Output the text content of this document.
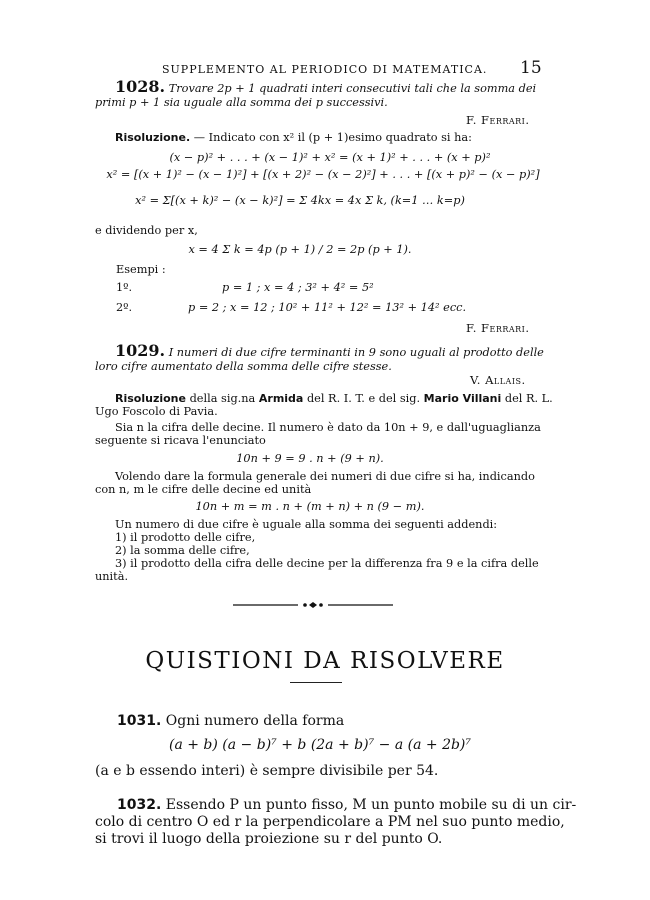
SUPPLEMENTO AL PERIODICO DI MATEMATICA. 15
1028. Trovare 2p + 1 quadrati interi consecutivi tali che la somma dei
primi p + 1 sia uguale alla somma dei p successivi.
F. Ferrari.
Risoluzione. — Indicato con x² il (p + 1)esimo quadrato si ha:
(x − p)² + . . . + (x − 1)² + x² = (x + 1)² + . . . + (x + p)²
x² = [(x + 1)² − (x − 1)²] + [(x + 2)² − (x − 2)²] + . . . + [(x + p)² − (x − p)²]
x² = Σ[(x + k)² − (x − k)²] = Σ 4kx = 4x Σ k, (k=1 … k=p)
e dividendo per x,
x = 4 Σ k = 4p (p + 1) / 2 = 2p (p + 1).
Esempi :
1º.	p = 1 ; x = 4 ; 3² + 4² = 5²
2º.	p = 2 ; x = 12 ; 10² + 11² + 12² = 13² + 14² ecc.
F. Ferrari.
1029. I numeri di due cifre terminanti in 9 sono uguali al prodotto delle
loro cifre aumentato della somma delle cifre stesse.
V. Allais.
Risoluzione della sig.na Armida del R. I. T. e del sig. Mario Villani del R. L.
Ugo Foscolo di Pavia.
Sia n la cifra delle decine. Il numero è dato da 10n + 9, e dall'uguaglianza
seguente si ricava l'enunciato
10n + 9 = 9 . n + (9 + n).
Volendo dare la formula generale dei numeri di due cifre si ha, indicando
con n, m le cifre delle decine ed unità
10n + m = m . n + (m + n) + n (9 − m).
Un numero di due cifre è uguale alla somma dei seguenti addendi:
1) il prodotto delle cifre,
2) la somma delle cifre,
3) il prodotto della cifra delle decine per la differenza fra 9 e la cifra delle
unità.
QUISTIONI DA RISOLVERE
1031. Ogni numero della forma
(a + b) (a − b)⁷ + b (2a + b)⁷ − a (a + 2b)⁷
(a e b essendo interi) è sempre divisibile per 54.
1032. Essendo P un punto fisso, M un punto mobile su di un cir-
colo di centro O ed r la perpendicolare a PM nel suo punto medio,
si trovi il luogo della proiezione su r del punto O.
